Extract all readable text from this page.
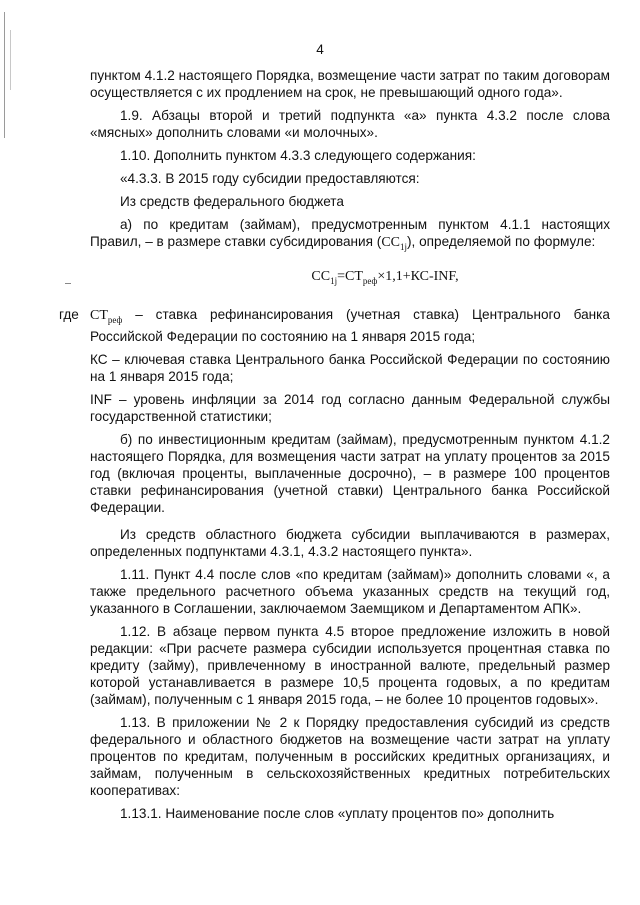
4

пунктом 4.1.2 настоящего Порядка, возмещение части затрат по таким договорам осуществляется с их продлением на срок, не превышающий одного года».

1.9. Абзацы второй и третий подпункта «а» пункта 4.3.2 после слова «мясных» дополнить словами «и молочных».

1.10. Дополнить пунктом 4.3.3 следующего содержания:

«4.3.3. В 2015 году субсидии предоставляются:

Из средств федерального бюджета

а) по кредитам (займам), предусмотренным пунктом 4.1.1 настоящих Правил, – в размере ставки субсидирования $(СС_{1j})$, определяемой по формуле:

$СС_{1j}=СТ_{реф}\times 1,1+КС$-INF,
где $СТ_{реф}$ – ставка рефинансирования (учетная ставка) Центрального банка Российской Федерации по состоянию на 1 января 2015 года;

КС – ключевая ставка Центрального банка Российской Федерации по состоянию на 1 января 2015 года;

INF – уровень инфляции за 2014 год согласно данным Федеральной службы государственной статистики;

б) по инвестиционным кредитам (займам), предусмотренным пунктом 4.1.2 настоящего Порядка, для возмещения части затрат на уплату процентов за 2015 год (включая проценты, выплаченные досрочно), – в размере 100 процентов ставки рефинансирования (учетной ставки) Центрального банка Российской Федерации.

Из средств областного бюджета субсидии выплачиваются в размерах, определенных подпунктами 4.3.1, 4.3.2 настоящего пункта».

1.11. Пункт 4.4 после слов «по кредитам (займам)» дополнить словами «, а также предельного расчетного объема указанных средств на текущий год, указанного в Соглашении, заключаемом Заемщиком и Департаментом АПК».

1.12. В абзаце первом пункта 4.5 второе предложение изложить в новой редакции: «При расчете размера субсидии используется процентная ставка по кредиту (займу), привлеченному в иностранной валюте, предельный размер которой устанавливается в размере 10,5 процента годовых, а по кредитам (займам), полученным с 1 января 2015 года, – не более 10 процентов годовых».

1.13. В приложении № 2 к Порядку предоставления субсидий из средств федерального и областного бюджетов на возмещение части затрат на уплату процентов по кредитам, полученным в российских кредитных организациях, и займам, полученным в сельскохозяйственных кредитных потребительских кооперативах:

1.13.1. Наименование после слов «уплату процентов по» дополнить
